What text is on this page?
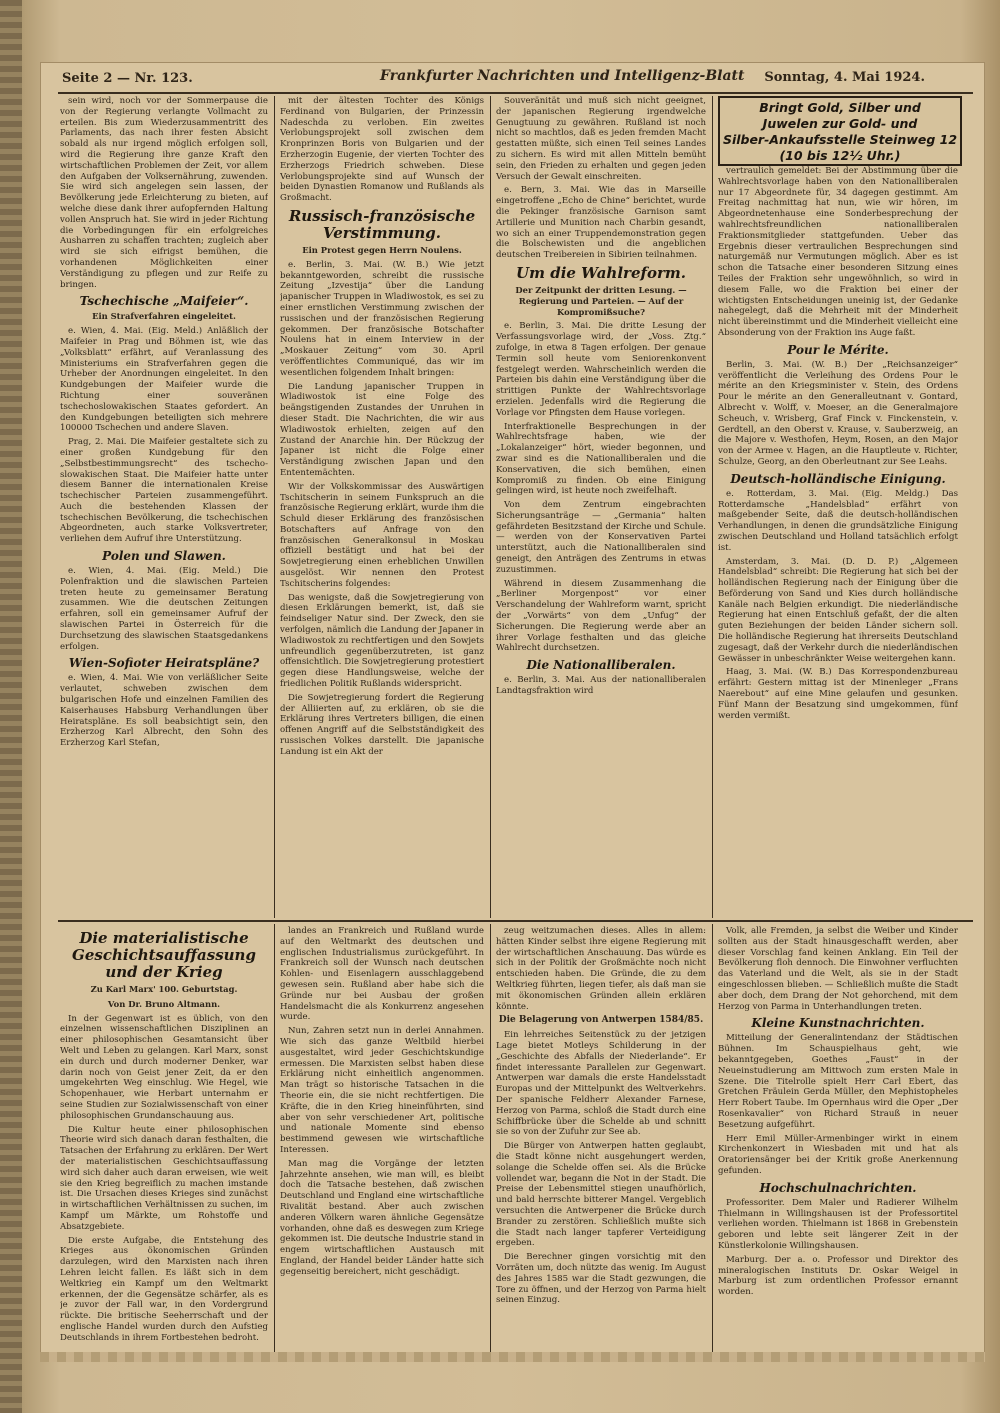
Seite 2 — Nr. 123.	Frankfurter Nachrichten und Intelligenz-Blatt Sonntag, 4. Mai 1924.
Bringt Gold, Silber und
Juwelen zur Gold- und
Silber-Ankaufsstelle Steinweg 12
(10 bis 12½ Uhr.)

sein wird, noch vor der Sommerpause die von der Regierung verlangte Vollmacht zu erteilen. Bis zum Wiederzusammentritt des Parlaments, das nach ihrer festen Absicht sobald als nur irgend möglich erfolgen soll, wird die Regierung ihre ganze Kraft den wirtschaftlichen Problemen der Zeit, vor allem den Aufgaben der Volksernährung, zuwenden. Sie wird sich angelegen sein lassen, der Bevölkerung jede Erleichterung zu bieten, auf welche diese dank ihrer aufopfernden Haltung vollen Anspruch hat. Sie wird in jeder Richtung die Vorbedingungen für ein erfolgreiches Ausharren zu schaffen trachten; zugleich aber wird sie sich eifrigst bemühen, die vorhandenen Möglichkeiten einer Verständigung zu pflegen und zur Reife zu bringen.

Tschechische „Maifeier“.
Ein Strafverfahren eingeleitet.

e. Wien, 4. Mai. (Eig. Meld.) Anläßlich der Maifeier in Prag und Böhmen ist, wie das „Volksblatt“ erfährt, auf Veranlassung des Ministeriums ein Strafverfahren gegen die Urheber der Anordnungen eingeleitet. In den Kundgebungen der Maifeier wurde die Richtung einer souveränen tschechoslowakischen Staates gefordert. An den Kundgebungen beteiligten sich mehrere 100000 Tschechen und andere Slaven.

Prag, 2. Mai. Die Maifeier gestaltete sich zu einer großen Kundgebung für den „Selbstbestimmungsrecht“ des tschecho-slowakischen Staat. Die Maifeier hatte unter diesem Banner die internationalen Kreise tschechischer Parteien zusammengeführt. Auch die bestehenden Klassen der tschechischen Bevölkerung, die tschechischen Abgeordneten, auch starke Volksvertreter, verliehen dem Aufruf ihre Unterstützung.

Polen und Slawen.

e. Wien, 4. Mai. (Eig. Meld.) Die Polenfraktion und die slawischen Parteien treten heute zu gemeinsamer Beratung zusammen. Wie die deutschen Zeitungen erfahren, soll ein gemeinsamer Aufruf der slawischen Partei in Österreich für die Durchsetzung des slawischen Staatsgedankens erfolgen.

Wien-Sofioter Heiratspläne?

e. Wien, 4. Mai. Wie von verläßlicher Seite verlautet, schweben zwischen dem bulgarischen Hofe und einzelnen Familien des Kaiserhauses Habsburg Verhandlungen über Heiratspläne. Es soll beabsichtigt sein, den Erzherzog Karl Albrecht, den Sohn des Erzherzog Karl Stefan,

mit der ältesten Tochter des Königs Ferdinand von Bulgarien, der Prinzessin Nadeschda zu verloben. Ein zweites Verlobungsprojekt soll zwischen dem Kronprinzen Boris von Bulgarien und der Erzherzogin Eugenie, der vierten Tochter des Erzherzogs Friedrich schweben. Diese Verlobungsprojekte sind auf Wunsch der beiden Dynastien Romanow und Rußlands als Großmacht.

Russisch-französische Verstimmung.
Ein Protest gegen Herrn Noulens.

e. Berlin, 3. Mai. (W. B.) Wie jetzt bekanntgeworden, schreibt die russische Zeitung „Izvestija“ über die Landung japanischer Truppen in Wladiwostok, es sei zu einer ernstlichen Verstimmung zwischen der russischen und der französischen Regierung gekommen. Der französische Botschafter Noulens hat in einem Interview in der „Moskauer Zeitung“ vom 30. April veröffentlichtes Communiqué, das wir im wesentlichen folgendem Inhalt bringen:

Die Landung japanischer Truppen in Wladiwostok ist eine Folge des beängstigenden Zustandes der Unruhen in dieser Stadt. Die Nachrichten, die wir aus Wladiwostok erhielten, zeigen auf den Zustand der Anarchie hin. Der Rückzug der Japaner ist nicht die Folge einer Verständigung zwischen Japan und den Ententemächten.

Wir der Volkskommissar des Auswärtigen Tschitscherin in seinem Funkspruch an die französische Regierung erklärt, wurde ihm die Schuld dieser Erklärung des französischen Botschafters auf Anfrage von den französischen Generalkonsul in Moskau offiziell bestätigt und hat bei der Sowjetregierung einen erheblichen Unwillen ausgelöst. Wir nennen den Protest Tschitscherins folgendes:

Das wenigste, daß die Sowjetregierung von diesen Erklärungen bemerkt, ist, daß sie feindseliger Natur sind. Der Zweck, den sie verfolgen, nämlich die Landung der Japaner in Wladiwostok zu rechtfertigen und den Sowjets unfreundlich gegenüberzutreten, ist ganz offensichtlich. Die Sowjetregierung protestiert gegen diese Handlungsweise, welche der friedlichen Politik Rußlands widerspricht.

Die Sowjetregierung fordert die Regierung der Alliierten auf, zu erklären, ob sie die Erklärung ihres Vertreters billigen, die einen offenen Angriff auf die Selbstständigkeit des russischen Volkes darstellt. Die japanische Landung ist ein Akt der

Souveränität und muß sich nicht geeignet, der japanischen Regierung irgendwelche Genugtuung zu gewähren. Rußland ist noch nicht so machtlos, daß es jeden fremden Macht gestatten müßte, sich einen Teil seines Landes zu sichern. Es wird mit allen Mitteln bemüht sein, den Frieden zu erhalten und gegen jeden Versuch der Gewalt einschreiten.

e. Bern, 3. Mai. Wie das in Marseille eingetroffene „Echo de Chine“ berichtet, wurde die Pekinger französische Garnison samt Artillerie und Munition nach Charbin gesandt, wo sich an einer Truppendemonstration gegen die Bolschewisten und die angeblichen deutschen Treibereien in Sibirien teilnahmen.

Um die Wahlreform.
Der Zeitpunkt der dritten Lesung. — Regierung und Parteien. — Auf der Kompromißsuche?

e. Berlin, 3. Mai. Die dritte Lesung der Verfassungsvorlage wird, der „Voss. Ztg.“ zufolge, in etwa 8 Tagen erfolgen. Der genaue Termin soll heute vom Seniorenkonvent festgelegt werden. Wahrscheinlich werden die Parteien bis dahin eine Verständigung über die strittigen Punkte der Wahlrechtsvorlage erzielen. Jedenfalls wird die Regierung die Vorlage vor Pfingsten dem Hause vorlegen.

Interfraktionelle Besprechungen in der Wahlrechtsfrage haben, wie der „Lokalanzeiger“ hört, wieder begonnen, und zwar sind es die Nationalliberalen und die Konservativen, die sich bemühen, einen Kompromiß zu finden. Ob eine Einigung gelingen wird, ist heute noch zweifelhaft.

Von dem Zentrum eingebrachten Sicherungsanträge — „Germania“ halten gefährdeten Besitzstand der Kirche und Schule. — werden von der Konservativen Partei unterstützt, auch die Nationalliberalen sind geneigt, den Anträgen des Zentrums in etwas zuzustimmen.

Während in diesem Zusammenhang die „Berliner Morgenpost“ vor einer Verschandelung der Wahlreform warnt, spricht der „Vorwärts“ von dem „Unfug“ der Sicherungen. Die Regierung werde aber an ihrer Vorlage festhalten und das gleiche Wahlrecht durchsetzen.

Die Nationalliberalen.

e. Berlin, 3. Mai. Aus der nationalliberalen Landtagsfraktion wird

vertraulich gemeldet: Bei der Abstimmung über die Wahlrechtsvorlage haben von den Nationalliberalen nur 17 Abgeordnete für, 34 dagegen gestimmt. Am Freitag nachmittag hat nun, wie wir hören, im Abgeordnetenhause eine Sonderbesprechung der wahlrechtsfreundlichen nationalliberalen Fraktionsmitglieder stattgefunden. Ueber das Ergebnis dieser vertraulichen Besprechungen sind naturgemäß nur Vermutungen möglich. Aber es ist schon die Tatsache einer besonderen Sitzung eines Teiles der Fraktion sehr ungewöhnlich, so wird in diesem Falle, wo die Fraktion bei einer der wichtigsten Entscheidungen uneinig ist, der Gedanke nahegelegt, daß die Mehrheit mit der Minderheit nicht übereinstimmt und die Minderheit vielleicht eine Absonderung von der Fraktion ins Auge faßt.

Pour le Mérite.

Berlin, 3. Mai. (W. B.) Der „Reichsanzeiger“ veröffentlicht die Verleihung des Ordens Pour le mérite an den Kriegsminister v. Stein, des Ordens Pour le mérite an den Generalleutnant v. Gontard, Albrecht v. Wolff, v. Moeser, an die Generalmajore Scheuch, v. Wrisberg, Graf Finck v. Finckenstein, v. Gerdtell, an den Oberst v. Krause, v. Sauberzweig, an die Majore v. Westhofen, Heym, Rosen, an den Major von der Armee v. Hagen, an die Hauptleute v. Richter, Schulze, Georg, an den Oberleutnant zur See Leahs.

Deutsch-holländische Einigung.

e. Rotterdam, 3. Mai. (Eig. Meldg.) Das Rotterdamsche „Handelsblad“ erfährt von maßgebender Seite, daß die deutsch-holländischen Verhandlungen, in denen die grundsätzliche Einigung zwischen Deutschland und Holland tatsächlich erfolgt ist.

Amsterdam, 3. Mai. (D. D. P.) „Algemeen Handelsblad“ schreibt: Die Regierung hat sich bei der holländischen Regierung nach der Einigung über die Beförderung von Sand und Kies durch holländische Kanäle nach Belgien erkundigt. Die niederländische Regierung hat einen Entschluß gefaßt, der die alten guten Beziehungen der beiden Länder sichern soll. Die holländische Regierung hat ihrerseits Deutschland zugesagt, daß der Verkehr durch die niederländischen Gewässer in unbeschränkter Weise weitergehen kann.

Haag, 3. Mai. (W. B.) Das Korrespondenzbureau erfährt: Gestern mittag ist der Minenleger „Frans Naerebout“ auf eine Mine gelaufen und gesunken. Fünf Mann der Besatzung sind umgekommen, fünf werden vermißt.

Die materialistische Geschichtsauffassung und der Krieg
Zu Karl Marx' 100. Geburtstag.
Von Dr. Bruno Altmann.

In der Gegenwart ist es üblich, von den einzelnen wissenschaftlichen Disziplinen an einer philosophischen Gesamtansicht über Welt und Leben zu gelangen. Karl Marx, sonst ein durch und durch moderner Denker, war darin noch von Geist jener Zeit, da er den umgekehrten Weg einschlug. Wie Hegel, wie Schopenhauer, wie Herbart unternahm er seine Studien zur Sozialwissenschaft von einer philosophischen Grundanschauung aus.

Die Kultur heute einer philosophischen Theorie wird sich danach daran festhalten, die Tatsachen der Erfahrung zu erklären. Der Wert der materialistischen Geschichtsauffassung wird sich daher auch daran erweisen, wie weit sie den Krieg begreiflich zu machen imstande ist. Die Ursachen dieses Krieges sind zunächst in wirtschaftlichen Verhältnissen zu suchen, im Kampf um Märkte, um Rohstoffe und Absatzgebiete.

Die erste Aufgabe, die Entstehung des Krieges aus ökonomischen Gründen darzulegen, wird den Marxisten nach ihren Lehren leicht fallen. Es läßt sich in dem Weltkrieg ein Kampf um den Weltmarkt erkennen, der die Gegensätze schärfer, als es je zuvor der Fall war, in den Vordergrund rückte. Die britische Seeherrschaft und der englische Handel wurden durch den Aufstieg Deutschlands in ihrem Fortbestehen bedroht.

landes an Frankreich und Rußland wurde auf den Weltmarkt des deutschen und englischen Industrialismus zurückgeführt. In Frankreich soll der Wunsch nach deutschen Kohlen- und Eisenlagern ausschlaggebend gewesen sein. Rußland aber habe sich die Gründe nur bei Ausbau der großen Handelsmacht die als Konkurrenz angesehen wurde.

Nun, Zahren setzt nun in derlei Annahmen. Wie sich das ganze Weltbild hierbei ausgestaltet, wird jeder Geschichtskundige ermessen. Die Marxisten selbst haben diese Erklärung nicht einheitlich angenommen. Man trägt so historische Tatsachen in die Theorie ein, die sie nicht rechtfertigen. Die Kräfte, die in den Krieg hineinführten, sind aber von sehr verschiedener Art, politische und nationale Momente sind ebenso bestimmend gewesen wie wirtschaftliche Interessen.

Man mag die Vorgänge der letzten Jahrzehnte ansehen, wie man will, es bleibt doch die Tatsache bestehen, daß zwischen Deutschland und England eine wirtschaftliche Rivalität bestand. Aber auch zwischen anderen Völkern waren ähnliche Gegensätze vorhanden, ohne daß es deswegen zum Kriege gekommen ist. Die deutsche Industrie stand in engem wirtschaftlichen Austausch mit England, der Handel beider Länder hatte sich gegenseitig bereichert, nicht geschädigt.

zeug weitzumachen dieses. Alles in allem: hätten Kinder selbst ihre eigene Regierung mit der wirtschaftlichen Anschauung. Das würde es sich in der Politik der Großmächte noch nicht entschieden haben. Die Gründe, die zu dem Weltkrieg führten, liegen tiefer, als daß man sie mit ökonomischen Gründen allein erklären könnte.

Die Belagerung von Antwerpen 1584/85.

Ein lehrreiches Seitenstück zu der jetzigen Lage bietet Motleys Schilderung in der „Geschichte des Abfalls der Niederlande“. Er findet interessante Parallelen zur Gegenwart. Antwerpen war damals die erste Handelsstadt Europas und der Mittelpunkt des Weltverkehrs. Der spanische Feldherr Alexander Farnese, Herzog von Parma, schloß die Stadt durch eine Schiffbrücke über die Schelde ab und schnitt sie so von der Zufuhr zur See ab.

Die Bürger von Antwerpen hatten geglaubt, die Stadt könne nicht ausgehungert werden, solange die Schelde offen sei. Als die Brücke vollendet war, begann die Not in der Stadt. Die Preise der Lebensmittel stiegen unaufhörlich, und bald herrschte bitterer Mangel. Vergeblich versuchten die Antwerpener die Brücke durch Brander zu zerstören. Schließlich mußte sich die Stadt nach langer tapferer Verteidigung ergeben.

Die Berechner gingen vorsichtig mit den Vorräten um, doch nützte das wenig. Im August des Jahres 1585 war die Stadt gezwungen, die Tore zu öffnen, und der Herzog von Parma hielt seinen Einzug.

Volk, alle Fremden, ja selbst die Weiber und Kinder sollten aus der Stadt hinausgeschafft werden, aber dieser Vorschlag fand keinen Anklang. Ein Teil der Bevölkerung floh dennoch. Die Einwohner verfluchten das Vaterland und die Welt, als sie in der Stadt eingeschlossen blieben. — Schließlich mußte die Stadt aber doch, dem Drang der Not gehorchend, mit dem Herzog von Parma in Unterhandlungen treten.

Kleine Kunstnachrichten.

Mitteilung der Generalintendanz der Städtischen Bühnen. Im Schauspielhaus geht, wie bekanntgegeben, Goethes „Faust“ in der Neueinstudierung am Mittwoch zum ersten Male in Szene. Die Titelrolle spielt Herr Carl Ebert, das Gretchen Fräulein Gerda Müller, den Mephistopheles Herr Robert Taube. Im Opernhaus wird die Oper „Der Rosenkavalier“ von Richard Strauß in neuer Besetzung aufgeführt.

Herr Emil Müller-Armenbinger wirkt in einem Kirchenkonzert in Wiesbaden mit und hat als Oratoriensänger bei der Kritik große Anerkennung gefunden.

Hochschulnachrichten.

Professoriter. Dem Maler und Radierer Wilhelm Thielmann in Willingshausen ist der Professortitel verliehen worden. Thielmann ist 1868 in Grebenstein geboren und lebte seit längerer Zeit in der Künstlerkolonie Willingshausen.

Marburg. Der a. o. Professor und Direktor des mineralogischen Instituts Dr. Oskar Weigel in Marburg ist zum ordentlichen Professor ernannt worden.
